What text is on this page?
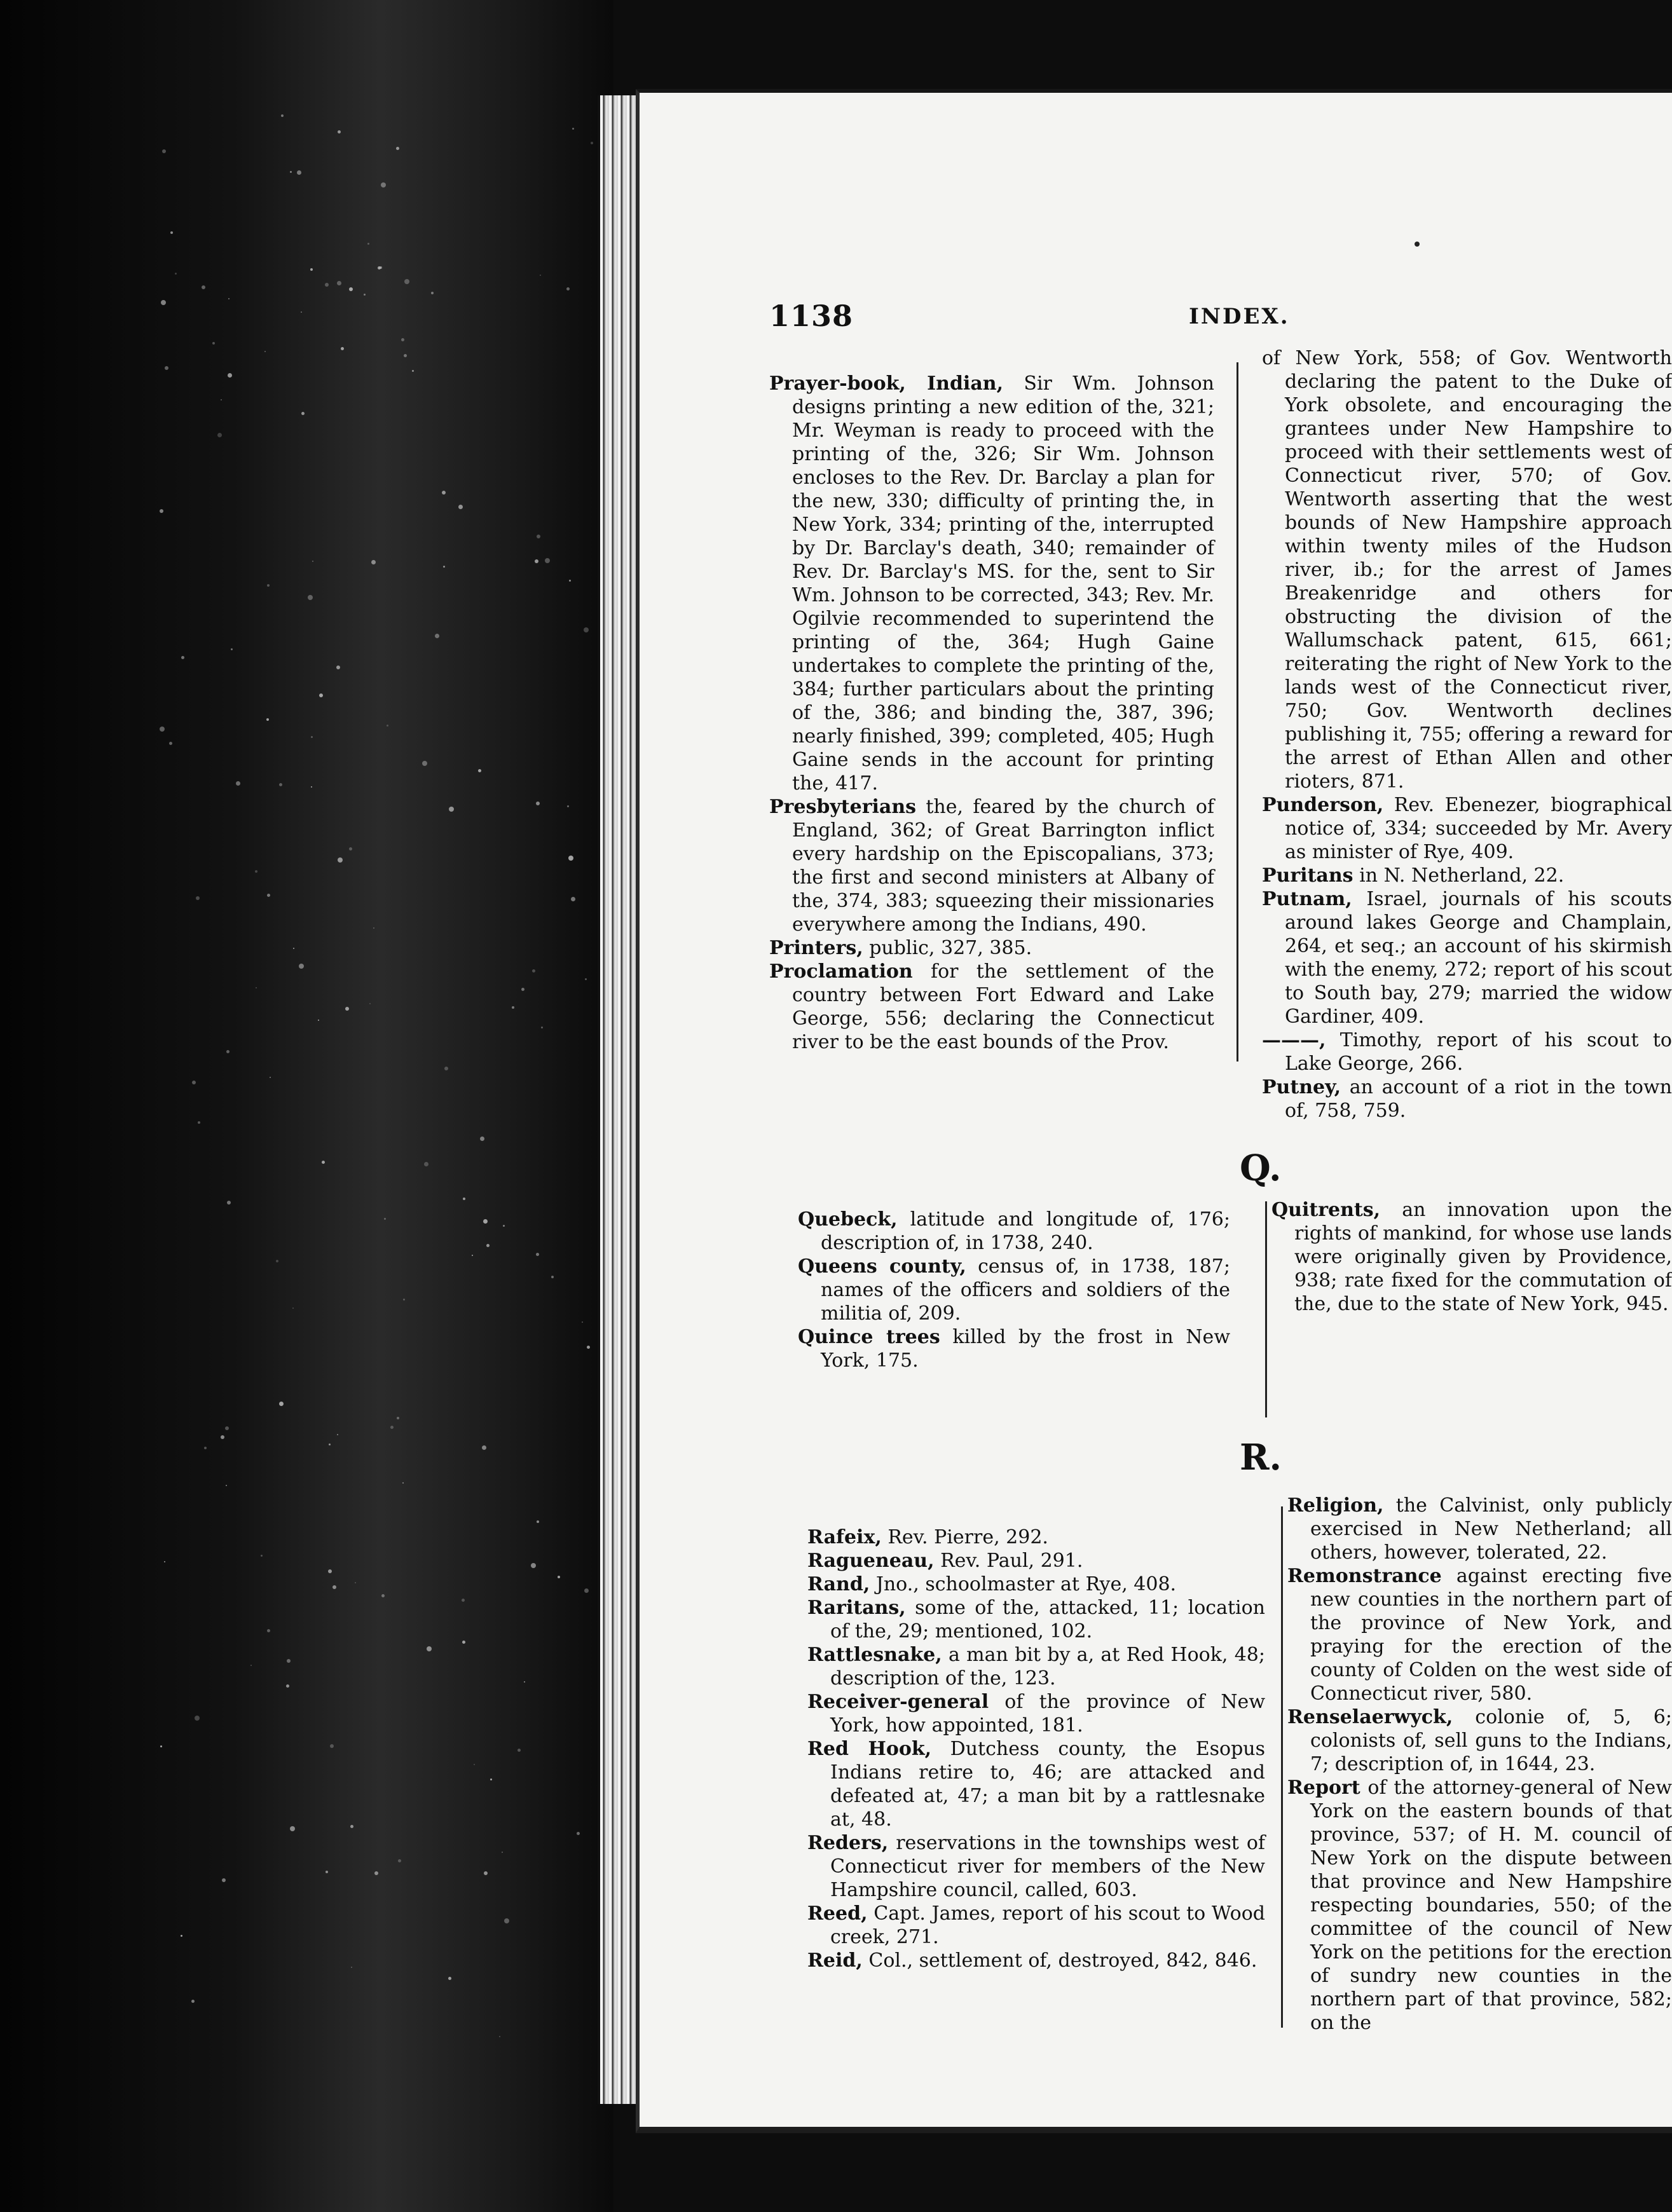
1138	INDEX.

Prayer-book, Indian, Sir Wm. Johnson designs printing a new edition of the, 321; Mr. Weyman is ready to proceed with the printing of the, 326; Sir Wm. Johnson encloses to the Rev. Dr. Barclay a plan for the new, 330; difficulty of printing the, in New York, 334; printing of the, interrupted by Dr. Barclay's death, 340; remainder of Rev. Dr. Barclay's MS. for the, sent to Sir Wm. Johnson to be corrected, 343; Rev. Mr. Ogilvie recommended to superintend the printing of the, 364; Hugh Gaine undertakes to complete the printing of the, 384; further particulars about the printing of the, 386; and binding the, 387, 396; nearly finished, 399; completed, 405; Hugh Gaine sends in the account for printing the, 417.

Presbyterians the, feared by the church of England, 362; of Great Barrington inflict every hardship on the Episcopalians, 373; the first and second ministers at Albany of the, 374, 383; squeezing their missionaries everywhere among the Indians, 490.

Printers, public, 327, 385.

Proclamation for the settlement of the country between Fort Edward and Lake George, 556; declaring the Connecticut river to be the east bounds of the Prov.

of New York, 558; of Gov. Wentworth declaring the patent to the Duke of York obsolete, and encouraging the grantees under New Hampshire to proceed with their settlements west of Connecticut river, 570; of Gov. Wentworth asserting that the west bounds of New Hampshire approach within twenty miles of the Hudson river, ib.; for the arrest of James Breakenridge and others for obstructing the division of the Wallumschack patent, 615, 661; reiterating the right of New York to the lands west of the Connecticut river, 750; Gov. Wentworth declines publishing it, 755; offering a reward for the arrest of Ethan Allen and other rioters, 871.

Punderson, Rev. Ebenezer, biographical notice of, 334; succeeded by Mr. Avery as minister of Rye, 409.

Puritans in N. Netherland, 22.

Putnam, Israel, journals of his scouts around lakes George and Champlain, 264, et seq.; an account of his skirmish with the enemy, 272; report of his scout to South bay, 279; married the widow Gardiner, 409.

———, Timothy, report of his scout to Lake George, 266.

Putney, an account of a riot in the town of, 758, 759.

Q.

Quebeck, latitude and longitude of, 176; description of, in 1738, 240.

Queens county, census of, in 1738, 187; names of the officers and soldiers of the militia of, 209.

Quince trees killed by the frost in New York, 175.

Quitrents, an innovation upon the rights of mankind, for whose use lands were originally given by Providence, 938; rate fixed for the commutation of the, due to the state of New York, 945.

R.

Rafeix, Rev. Pierre, 292.

Ragueneau, Rev. Paul, 291.

Rand, Jno., schoolmaster at Rye, 408.

Raritans, some of the, attacked, 11; location of the, 29; mentioned, 102.

Rattlesnake, a man bit by a, at Red Hook, 48; description of the, 123.

Receiver-general of the province of New York, how appointed, 181.

Red Hook, Dutchess county, the Esopus Indians retire to, 46; are attacked and defeated at, 47; a man bit by a rattlesnake at, 48.

Reders, reservations in the townships west of Connecticut river for members of the New Hampshire council, called, 603.

Reed, Capt. James, report of his scout to Wood creek, 271.

Reid, Col., settlement of, destroyed, 842, 846.

Religion, the Calvinist, only publicly exercised in New Netherland; all others, however, tolerated, 22.

Remonstrance against erecting five new counties in the northern part of the province of New York, and praying for the erection of the county of Colden on the west side of Connecticut river, 580.

Renselaerwyck, colonie of, 5, 6; colonists of, sell guns to the Indians, 7; description of, in 1644, 23.

Report of the attorney-general of New York on the eastern bounds of that province, 537; of H. M. council of New York on the dispute between that province and New Hampshire respecting boundaries, 550; of the committee of the council of New York on the petitions for the erection of sundry new counties in the northern part of that province, 582; on the
